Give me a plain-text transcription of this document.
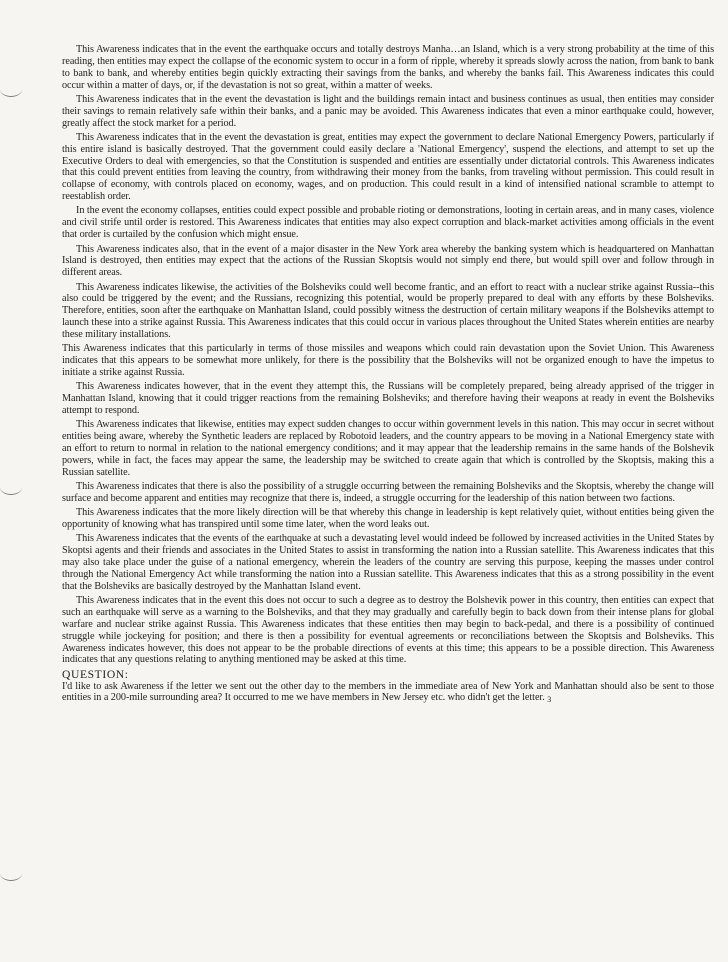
This Awareness indicates that in the event the earthquake occurs and totally destroys Manha…an Island, which is a very strong probability at the time of this reading, then entities may expect the collapse of the economic system to occur in a form of ripple, whereby it spreads slowly across the nation, from bank to bank to bank to bank, and whereby entities begin quickly extracting their savings from the banks, and whereby the banks fail. This Awareness indicates this could occur within a matter of days, or, if the devastation is not so great, within a matter of weeks.

This Awareness indicates that in the event the devastation is light and the buildings remain intact and business continues as usual, then entities may consider their savings to remain relatively safe within their banks, and a panic may be avoided. This Awareness indicates that even a minor earthquake could, however, greatly affect the stock market for a period.

This Awareness indicates that in the event the devastation is great, entities may expect the government to declare National Emergency Powers, particularly if this entire island is basically destroyed. That the government could easily declare a 'National Emergency', suspend the elections, and attempt to set up the Executive Orders to deal with emergencies, so that the Constitution is suspended and entities are essentially under dictatorial controls. This Awareness indicates that this could prevent entities from leaving the country, from withdrawing their money from the banks, from traveling without permission. This could result in collapse of economy, with controls placed on economy, wages, and on production. This could result in a kind of intensified national scramble to attempt to reestablish order.

In the event the economy collapses, entities could expect possible and probable rioting or demonstrations, looting in certain areas, and in many cases, violence and civil strife until order is restored. This Awareness indicates that entities may also expect corruption and black-market activities among officials in the event that order is curtailed by the confusion which might ensue.

This Awareness indicates also, that in the event of a major disaster in the New York area whereby the banking system which is headquartered on Manhattan Island is destroyed, then entities may expect that the actions of the Russian Skoptsis would not simply end there, but would spill over and follow through in different areas.

This Awareness indicates likewise, the activities of the Bolsheviks could well become frantic, and an effort to react with a nuclear strike against Russia--this also could be triggered by the event; and the Russians, recognizing this potential, would be properly prepared to deal with any efforts by these Bolsheviks. Therefore, entities, soon after the earthquake on Manhattan Island, could possibly witness the destruction of certain military weapons if the Bolsheviks attempt to launch these into a strike against Russia. This Awareness indicates that this could occur in various places throughout the United States wherein entities are nearby these military installations.

This Awareness indicates that this particularly in terms of those missiles and weapons which could rain devastation upon the Soviet Union. This Awareness indicates that this appears to be somewhat more unlikely, for there is the possibility that the Bolsheviks will not be organized enough to have the impetus to initiate a strike against Russia.

This Awareness indicates however, that in the event they attempt this, the Russians will be completely prepared, being already apprised of the trigger in Manhattan Island, knowing that it could trigger reactions from the remaining Bolsheviks; and therefore having their weapons at ready in event the Bolsheviks attempt to respond.

This Awareness indicates that likewise, entities may expect sudden changes to occur within government levels in this nation. This may occur in secret without entities being aware, whereby the Synthetic leaders are replaced by Robotoid leaders, and the country appears to be moving in a National Emergency state with an effort to return to normal in relation to the national emergency conditions; and it may appear that the leadership remains in the same hands of the Bolshevik powers, while in fact, the faces may appear the same, the leadership may be switched to create again that which is controlled by the Skoptsis, making this a Russian satellite.

This Awareness indicates that there is also the possibility of a struggle occurring between the remaining Bolsheviks and the Skoptsis, whereby the change will surface and become apparent and entities may recognize that there is, indeed, a struggle occurring for the leadership of this nation between two factions.

This Awareness indicates that the more likely direction will be that whereby this change in leadership is kept relatively quiet, without entities being given the opportunity of knowing what has transpired until some time later, when the word leaks out.

This Awareness indicates that the events of the earthquake at such a devastating level would indeed be followed by increased activities in the United States by Skoptsi agents and their friends and associates in the United States to assist in transforming the nation into a Russian satellite. This Awareness indicates that this may also take place under the guise of a national emergency, wherein the leaders of the country are serving this purpose, keeping the masses under control through the National Emergency Act while transforming the nation into a Russian satellite. This Awareness indicates that this as a strong possibility in the event that the Bolsheviks are basically destroyed by the Manhattan Island event.

This Awareness indicates that in the event this does not occur to such a degree as to destroy the Bolshevik power in this country, then entities can expect that such an earthquake will serve as a warning to the Bolsheviks, and that they may gradually and carefully begin to back down from their intense plans for global warfare and nuclear strike against Russia. This Awareness indicates that these entities then may begin to back-pedal, and there is a possibility of continued struggle while jockeying for position; and there is then a possibility for eventual agreements or reconciliations between the Skoptsis and Bolsheviks. This Awareness indicates however, this does not appear to be the probable directions of events at this time; this appears to be a possible direction. This Awareness indicates that any questions relating to anything mentioned may be asked at this time.

QUESTION:

I'd like to ask Awareness if the letter we sent out the other day to the members in the immediate area of New York and Manhattan should also be sent to those entities in a 200-mile surrounding area? It occurred to me we have members in New Jersey etc. who didn't get the letter. 3
